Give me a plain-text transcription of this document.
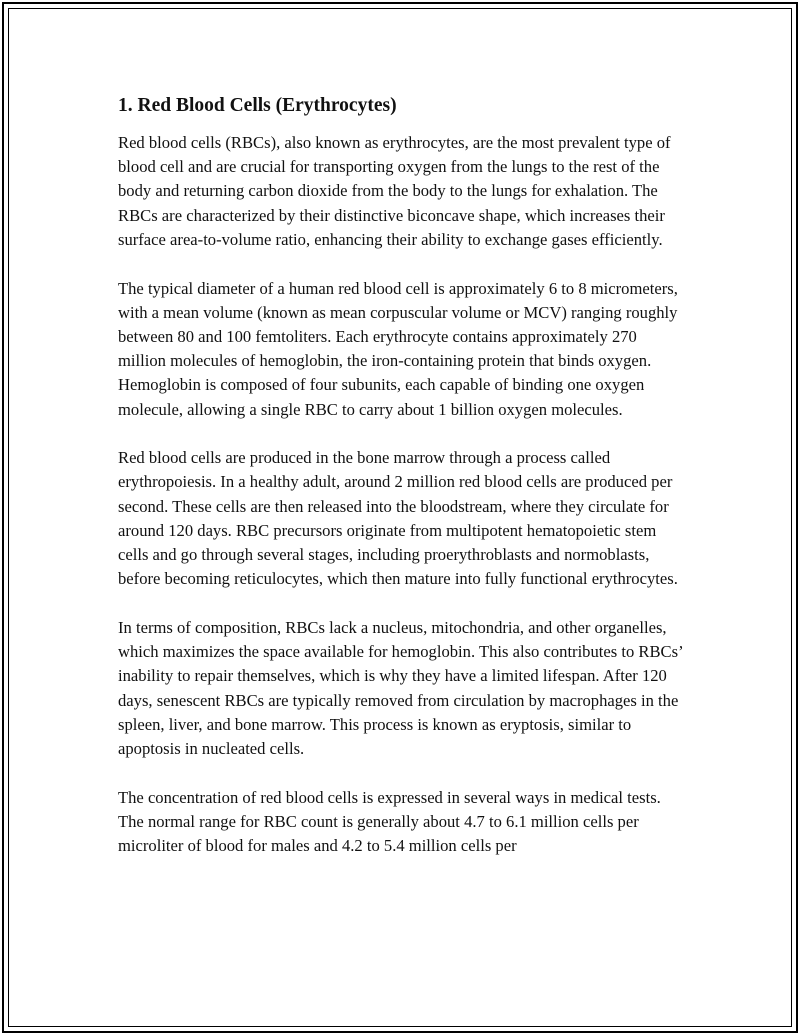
1. Red Blood Cells (Erythrocytes)

Red blood cells (RBCs), also known as erythrocytes, are the most prevalent type of blood cell and are crucial for transporting oxygen from the lungs to the rest of the body and returning carbon dioxide from the body to the lungs for exhalation. The RBCs are characterized by their distinctive biconcave shape, which increases their surface area-to-volume ratio, enhancing their ability to exchange gases efficiently.

The typical diameter of a human red blood cell is approximately 6 to 8 micrometers, with a mean volume (known as mean corpuscular volume or MCV) ranging roughly between 80 and 100 femtoliters. Each erythrocyte contains approximately 270 million molecules of hemoglobin, the iron-containing protein that binds oxygen. Hemoglobin is composed of four subunits, each capable of binding one oxygen molecule, allowing a single RBC to carry about 1 billion oxygen molecules.

Red blood cells are produced in the bone marrow through a process called erythropoiesis. In a healthy adult, around 2 million red blood cells are produced per second. These cells are then released into the bloodstream, where they circulate for around 120 days. RBC precursors originate from multipotent hematopoietic stem cells and go through several stages, including proerythroblasts and normoblasts, before becoming reticulocytes, which then mature into fully functional erythrocytes.

In terms of composition, RBCs lack a nucleus, mitochondria, and other organelles, which maximizes the space available for hemoglobin. This also contributes to RBCs’ inability to repair themselves, which is why they have a limited lifespan. After 120 days, senescent RBCs are typically removed from circulation by macrophages in the spleen, liver, and bone marrow. This process is known as eryptosis, similar to apoptosis in nucleated cells.

The concentration of red blood cells is expressed in several ways in medical tests. The normal range for RBC count is generally about 4.7 to 6.1 million cells per microliter of blood for males and 4.2 to 5.4 million cells per
